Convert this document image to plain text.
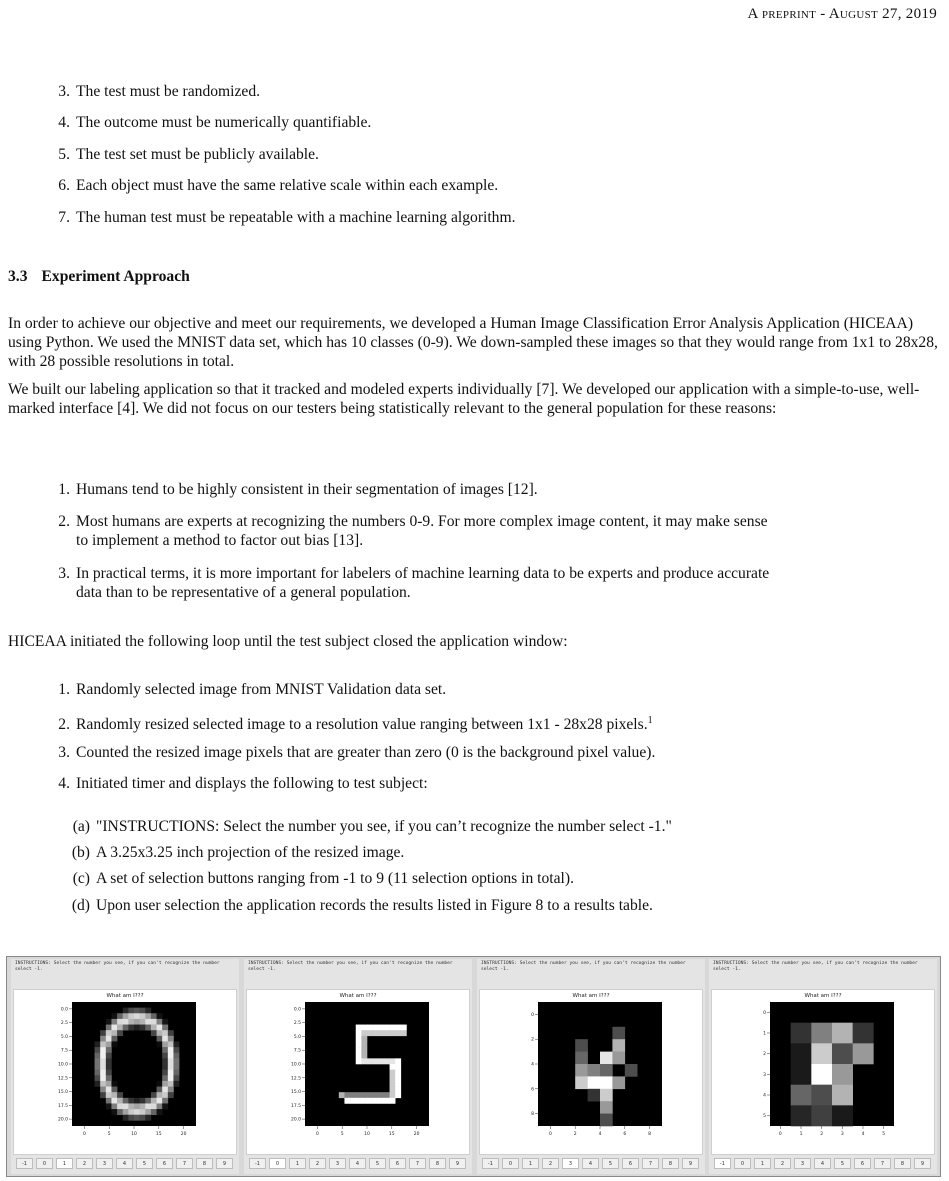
A preprint - August 27, 2019
3.3 Experiment Approach
In order to achieve our objective and meet our requirements, we developed a Human Image Classification Error Analysis Application (HICEAA) using Python. We used the MNIST data set, which has 10 classes (0-9). We down-sampled these images so that they would range from 1x1 to 28x28, with 28 possible resolutions in total.
We built our labeling application so that it tracked and modeled experts individually [7]. We developed our application with a simple-to-use, well-marked interface [4]. We did not focus on our testers being statistically relevant to the general population for these reasons:
HICEAA initiated the following loop until the test subject closed the application window:
INSTRUCTIONS: Select the number you see, if you can't recognize the number select -1.
What am I???
0.0
2.5
5.0
7.5
10.0
12.5
15.0
17.5
20.0
0	5	10	15	20
-1	0	1	2	3	4	5	6	7	8	9
INSTRUCTIONS: Select the number you see, if you can't recognize the number select -1.
What am I???
0.0
2.5
5.0
7.5
10.0
12.5
15.0
17.5
20.0
0	5	10	15	20
-1	0	1	2	3	4	5	6	7	8	9
INSTRUCTIONS: Select the number you see, if you can't recognize the number select -1.
What am I???
0
2
4
6
8
0	2	4	6	8
-1	0	1	2	3	4	5	6	7	8	9
INSTRUCTIONS: Select the number you see, if you can't recognize the number select -1.
What am I???
0
1
2
3
4
5
0	1	2	3	4	5
-1	0	1	2	3	4	5	6	7	8	9
3. The test must be randomized.
4. The outcome must be numerically quantifiable.
5. The test set must be publicly available.
6. Each object must have the same relative scale within each example.
7. The human test must be repeatable with a machine learning algorithm.
1. Humans tend to be highly consistent in their segmentation of images [12].
2. Most humans are experts at recognizing the numbers 0-9. For more complex image content, it may make sense
to implement a method to factor out bias [13].
3. In practical terms, it is more important for labelers of machine learning data to be experts and produce accurate
data than to be representative of a general population.
1. Randomly selected image from MNIST Validation data set.
2. Randomly resized selected image to a resolution value ranging between 1x1 - 28x28 pixels.$^1$
3. Counted the resized image pixels that are greater than zero (0 is the background pixel value).
4. Initiated timer and displays the following to test subject:
(a) "INSTRUCTIONS: Select the number you see, if you can’t recognize the number select -1."
(b) A 3.25x3.25 inch projection of the resized image.
(c) A set of selection buttons ranging from -1 to 9 (11 selection options in total).
(d) Upon user selection the application records the results listed in Figure 8 to a results table.
